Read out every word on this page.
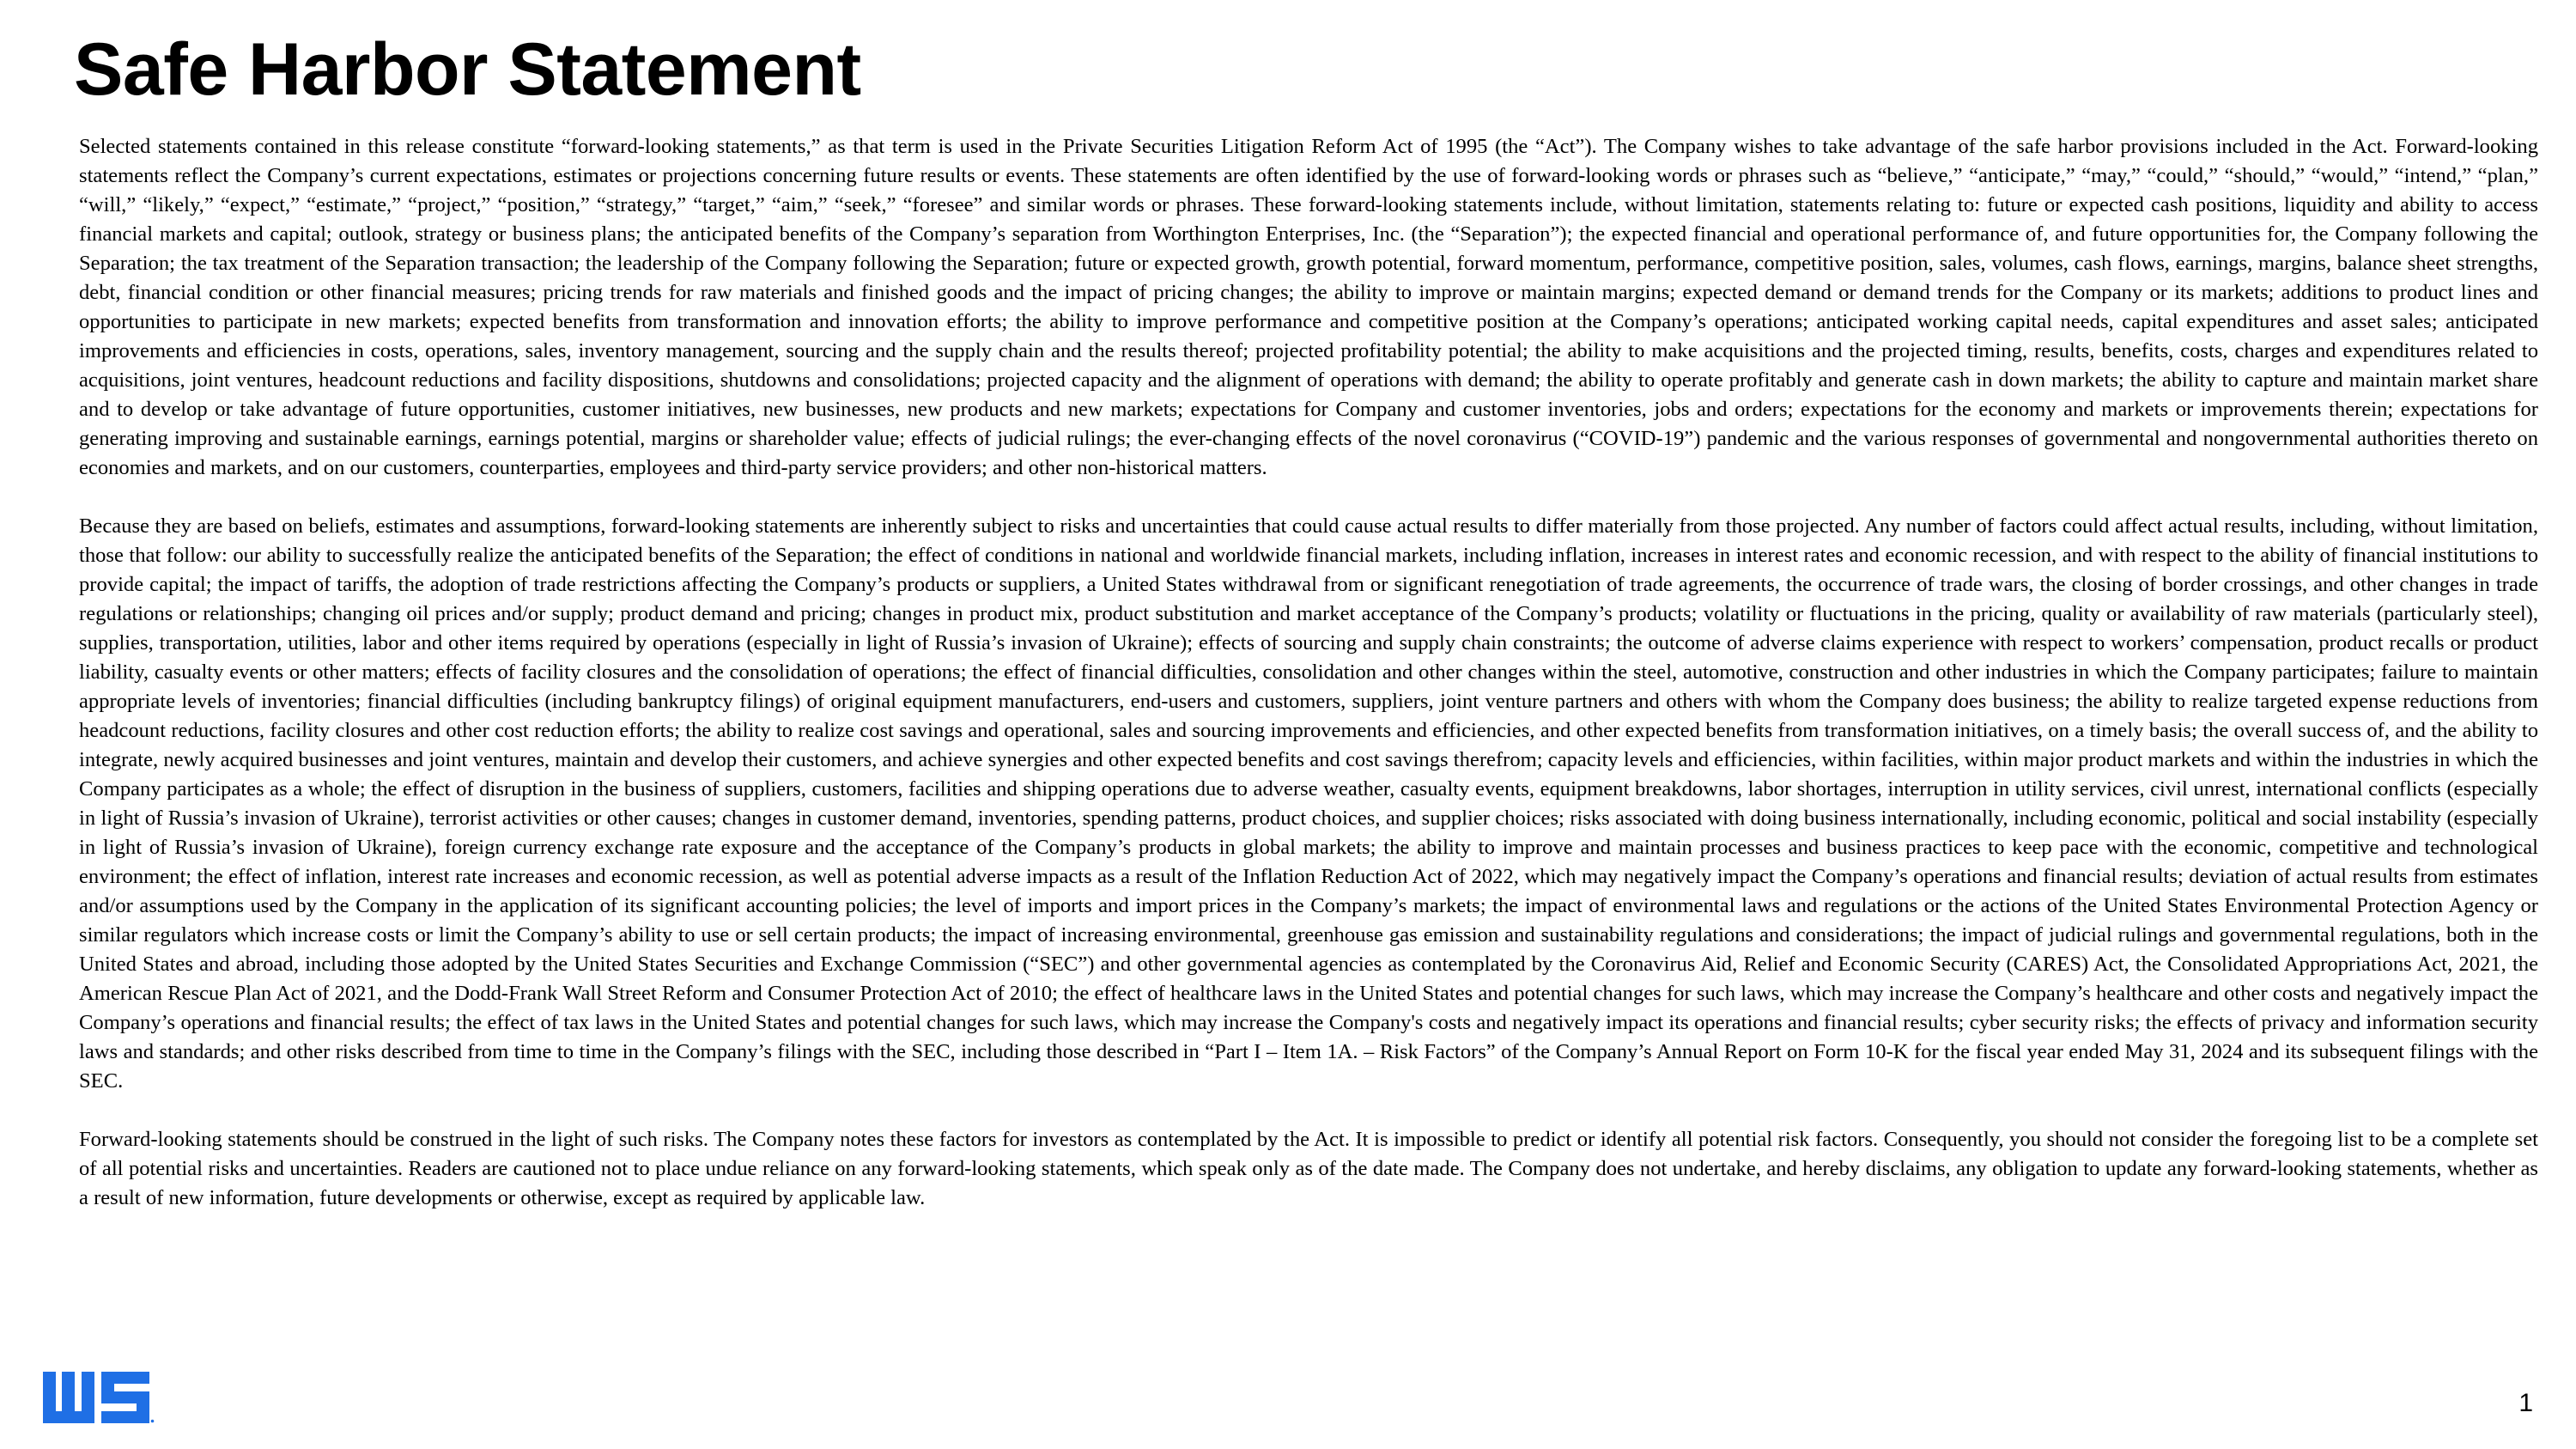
Safe Harbor Statement

Selected statements contained in this release constitute “forward-looking statements,” as that term is used in the Private Securities Litigation Reform Act of 1995 (the “Act”). The Company wishes to take advantage of the safe harbor provisions included in the Act. Forward-looking statements reflect the Company’s current expectations, estimates or projections concerning future results or events. These statements are often identified by the use of forward-looking words or phrases such as “believe,” “anticipate,” “may,” “could,” “should,” “would,” “intend,” “plan,” “will,” “likely,” “expect,” “estimate,” “project,” “position,” “strategy,” “target,” “aim,” “seek,” “foresee” and similar words or phrases. These forward-looking statements include, without limitation, statements relating to: future or expected cash positions, liquidity and ability to access financial markets and capital; outlook, strategy or business plans; the anticipated benefits of the Company’s separation from Worthington Enterprises, Inc. (the “Separation”); the expected financial and operational performance of, and future opportunities for, the Company following the Separation; the tax treatment of the Separation transaction; the leadership of the Company following the Separation; future or expected growth, growth potential, forward momentum, performance, competitive position, sales, volumes, cash flows, earnings, margins, balance sheet strengths, debt, financial condition or other financial measures; pricing trends for raw materials and finished goods and the impact of pricing changes; the ability to improve or maintain margins; expected demand or demand trends for the Company or its markets; additions to product lines and opportunities to participate in new markets; expected benefits from transformation and innovation efforts; the ability to improve performance and competitive position at the Company’s operations; anticipated working capital needs, capital expenditures and asset sales; anticipated improvements and efficiencies in costs, operations, sales, inventory management, sourcing and the supply chain and the results thereof; projected profitability potential; the ability to make acquisitions and the projected timing, results, benefits, costs, charges and expenditures related to acquisitions, joint ventures, headcount reductions and facility dispositions, shutdowns and consolidations; projected capacity and the alignment of operations with demand; the ability to operate profitably and generate cash in down markets; the ability to capture and maintain market share and to develop or take advantage of future opportunities, customer initiatives, new businesses, new products and new markets; expectations for Company and customer inventories, jobs and orders; expectations for the economy and markets or improvements therein; expectations for generating improving and sustainable earnings, earnings potential, margins or shareholder value; effects of judicial rulings; the ever-changing effects of the novel coronavirus (“COVID-19”) pandemic and the various responses of governmental and nongovernmental authorities thereto on economies and markets, and on our customers, counterparties, employees and third-party service providers; and other non-historical matters.

Because they are based on beliefs, estimates and assumptions, forward-looking statements are inherently subject to risks and uncertainties that could cause actual results to differ materially from those projected. Any number of factors could affect actual results, including, without limitation, those that follow: our ability to successfully realize the anticipated benefits of the Separation; the effect of conditions in national and worldwide financial markets, including inflation, increases in interest rates and economic recession, and with respect to the ability of financial institutions to provide capital; the impact of tariffs, the adoption of trade restrictions affecting the Company’s products or suppliers, a United States withdrawal from or significant renegotiation of trade agreements, the occurrence of trade wars, the closing of border crossings, and other changes in trade regulations or relationships; changing oil prices and/or supply; product demand and pricing; changes in product mix, product substitution and market acceptance of the Company’s products; volatility or fluctuations in the pricing, quality or availability of raw materials (particularly steel), supplies, transportation, utilities, labor and other items required by operations (especially in light of Russia’s invasion of Ukraine); effects of sourcing and supply chain constraints; the outcome of adverse claims experience with respect to workers’ compensation, product recalls or product liability, casualty events or other matters; effects of facility closures and the consolidation of operations; the effect of financial difficulties, consolidation and other changes within the steel, automotive, construction and other industries in which the Company participates; failure to maintain appropriate levels of inventories; financial difficulties (including bankruptcy filings) of original equipment manufacturers, end-users and customers, suppliers, joint venture partners and others with whom the Company does business; the ability to realize targeted expense reductions from headcount reductions, facility closures and other cost reduction efforts; the ability to realize cost savings and operational, sales and sourcing improvements and efficiencies, and other expected benefits from transformation initiatives, on a timely basis; the overall success of, and the ability to integrate, newly acquired businesses and joint ventures, maintain and develop their customers, and achieve synergies and other expected benefits and cost savings therefrom; capacity levels and efficiencies, within facilities, within major product markets and within the industries in which the Company participates as a whole; the effect of disruption in the business of suppliers, customers, facilities and shipping operations due to adverse weather, casualty events, equipment breakdowns, labor shortages, interruption in utility services, civil unrest, international conflicts (especially in light of Russia’s invasion of Ukraine), terrorist activities or other causes; changes in customer demand, inventories, spending patterns, product choices, and supplier choices; risks associated with doing business internationally, including economic, political and social instability (especially in light of Russia’s invasion of Ukraine), foreign currency exchange rate exposure and the acceptance of the Company’s products in global markets; the ability to improve and maintain processes and business practices to keep pace with the economic, competitive and technological environment; the effect of inflation, interest rate increases and economic recession, as well as potential adverse impacts as a result of the Inflation Reduction Act of 2022, which may negatively impact the Company’s operations and financial results; deviation of actual results from estimates and/or assumptions used by the Company in the application of its significant accounting policies; the level of imports and import prices in the Company’s markets; the impact of environmental laws and regulations or the actions of the United States Environmental Protection Agency or similar regulators which increase costs or limit the Company’s ability to use or sell certain products; the impact of increasing environmental, greenhouse gas emission and sustainability regulations and considerations; the impact of judicial rulings and governmental regulations, both in the United States and abroad, including those adopted by the United States Securities and Exchange Commission (“SEC”) and other governmental agencies as contemplated by the Coronavirus Aid, Relief and Economic Security (CARES) Act, the Consolidated Appropriations Act, 2021, the American Rescue Plan Act of 2021, and the Dodd-Frank Wall Street Reform and Consumer Protection Act of 2010; the effect of healthcare laws in the United States and potential changes for such laws, which may increase the Company’s healthcare and other costs and negatively impact the Company’s operations and financial results; the effect of tax laws in the United States and potential changes for such laws, which may increase the Company's costs and negatively impact its operations and financial results; cyber security risks; the effects of privacy and information security laws and standards; and other risks described from time to time in the Company’s filings with the SEC, including those described in “Part I – Item 1A. – Risk Factors” of the Company’s Annual Report on Form 10-K for the fiscal year ended May 31, 2024 and its subsequent filings with the SEC.

Forward-looking statements should be construed in the light of such risks. The Company notes these factors for investors as contemplated by the Act. It is impossible to predict or identify all potential risk factors. Consequently, you should not consider the foregoing list to be a complete set of all potential risks and uncertainties. Readers are cautioned not to place undue reliance on any forward-looking statements, which speak only as of the date made. The Company does not undertake, and hereby disclaims, any obligation to update any forward-looking statements, whether as a result of new information, future developments or otherwise, except as required by applicable law.

1
